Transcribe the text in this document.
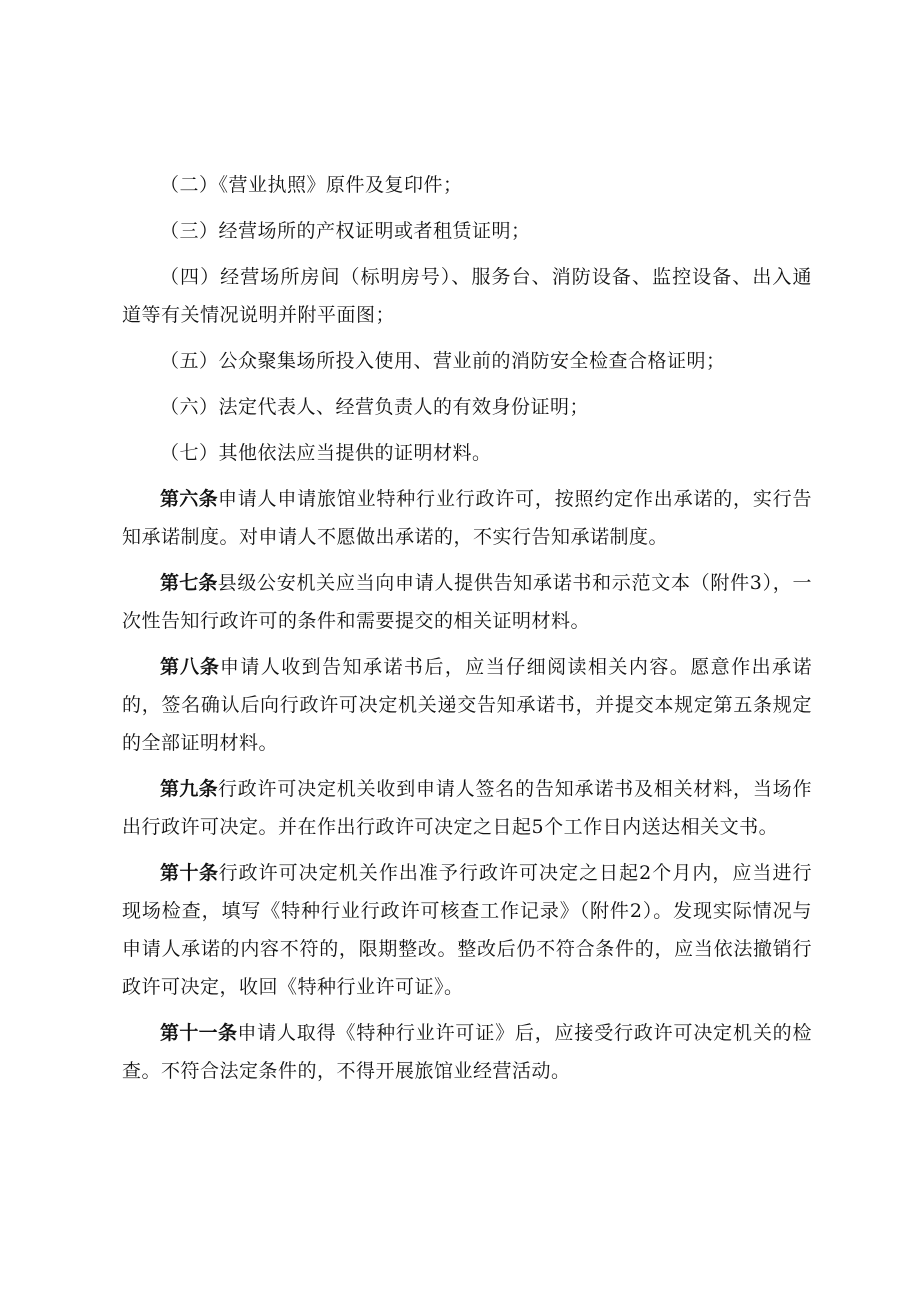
（二）《营业执照》原件及复印件；

（三）经营场所的产权证明或者租赁证明；

（四）经营场所房间（标明房号）、服务台、消防设备、监控设备、出入通道等有关情况说明并附平面图；

（五）公众聚集场所投入使用、营业前的消防安全检查合格证明；

（六）法定代表人、经营负责人的有效身份证明；

（七）其他依法应当提供的证明材料。

第六条申请人申请旅馆业特种行业行政许可，按照约定作出承诺的，实行告知承诺制度。对申请人不愿做出承诺的，不实行告知承诺制度。

第七条县级公安机关应当向申请人提供告知承诺书和示范文本（附件3），一次性告知行政许可的条件和需要提交的相关证明材料。

第八条申请人收到告知承诺书后，应当仔细阅读相关内容。愿意作出承诺的，签名确认后向行政许可决定机关递交告知承诺书，并提交本规定第五条规定的全部证明材料。

第九条行政许可决定机关收到申请人签名的告知承诺书及相关材料，当场作出行政许可决定。并在作出行政许可决定之日起5个工作日内送达相关文书。

第十条行政许可决定机关作出准予行政许可决定之日起2个月内，应当进行现场检查，填写《特种行业行政许可核查工作记录》（附件2）。发现实际情况与申请人承诺的内容不符的，限期整改。整改后仍不符合条件的，应当依法撤销行政许可决定，收回《特种行业许可证》。

第十一条申请人取得《特种行业许可证》后，应接受行政许可决定机关的检查。不符合法定条件的，不得开展旅馆业经营活动。
